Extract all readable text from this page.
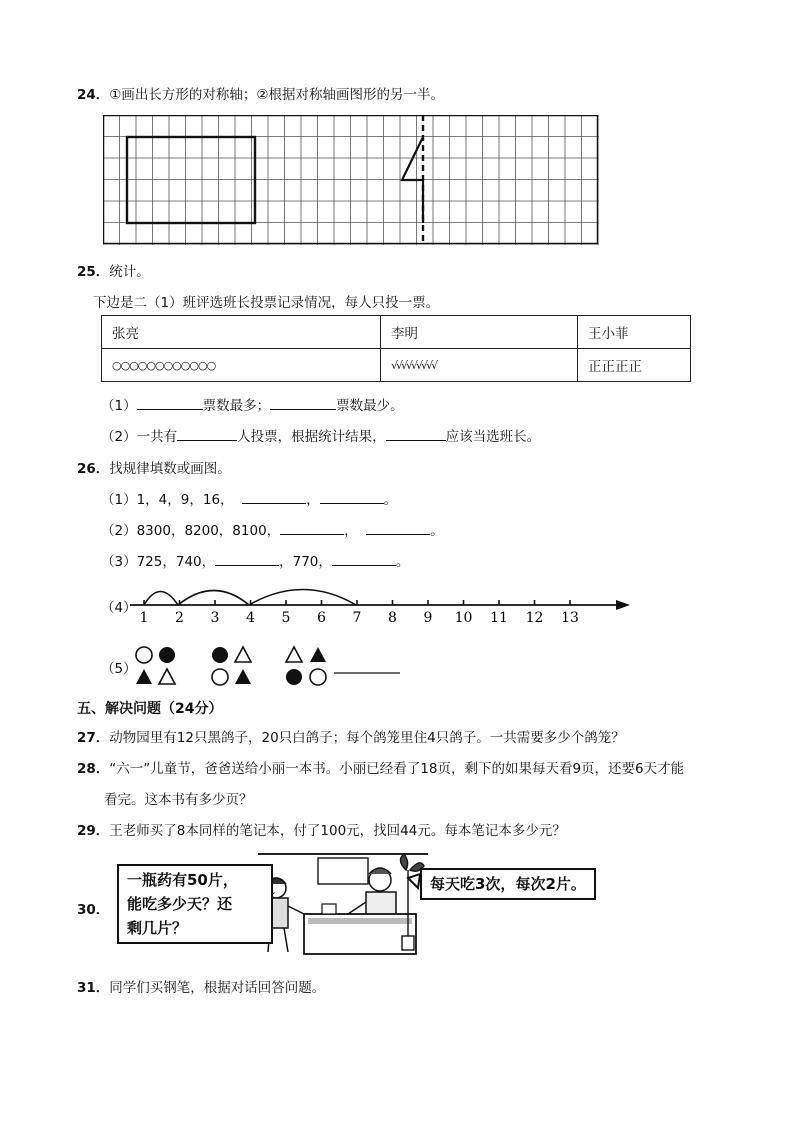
24．①画出长方形的对称轴；②根据对称轴画图形的另一半。
25．统计。
下边是二（1）班评选班长投票记录情况，每人只投一票。
张亮	李明	王小菲
○○○○○○○○○○○○	√√√√√√√√√	正正正正
（1）	票数最多；	票数最少。
（2）一共有	人投票，根据统计结果，	应该当选班长。
26．找规律填数或画图。
（1）1，4，9，16，	，	。
（2）8300，8200，8100，	，	。
（3）725，740，	，770，	。
（4）
1 2 3 4 5 6 7 8 9 10 11 12 13
（5）
五、解决问题（24分）
27．动物园里有12只黑鸽子，20只白鸽子；每个鸽笼里住4只鸽子。一共需要多少个鸽笼？
28．“六一”儿童节，爸爸送给小丽一本书。小丽已经看了18页，剩下的如果每天看9页，还要6天才能
看完。这本书有多少页？
29．王老师买了8本同样的笔记本，付了100元，找回44元。每本笔记本多少元？
30．
一瓶药有50片，
能吃多少天？还
剩几片？
每天吃3次，每次2片。
31．同学们买钢笔，根据对话回答问题。
